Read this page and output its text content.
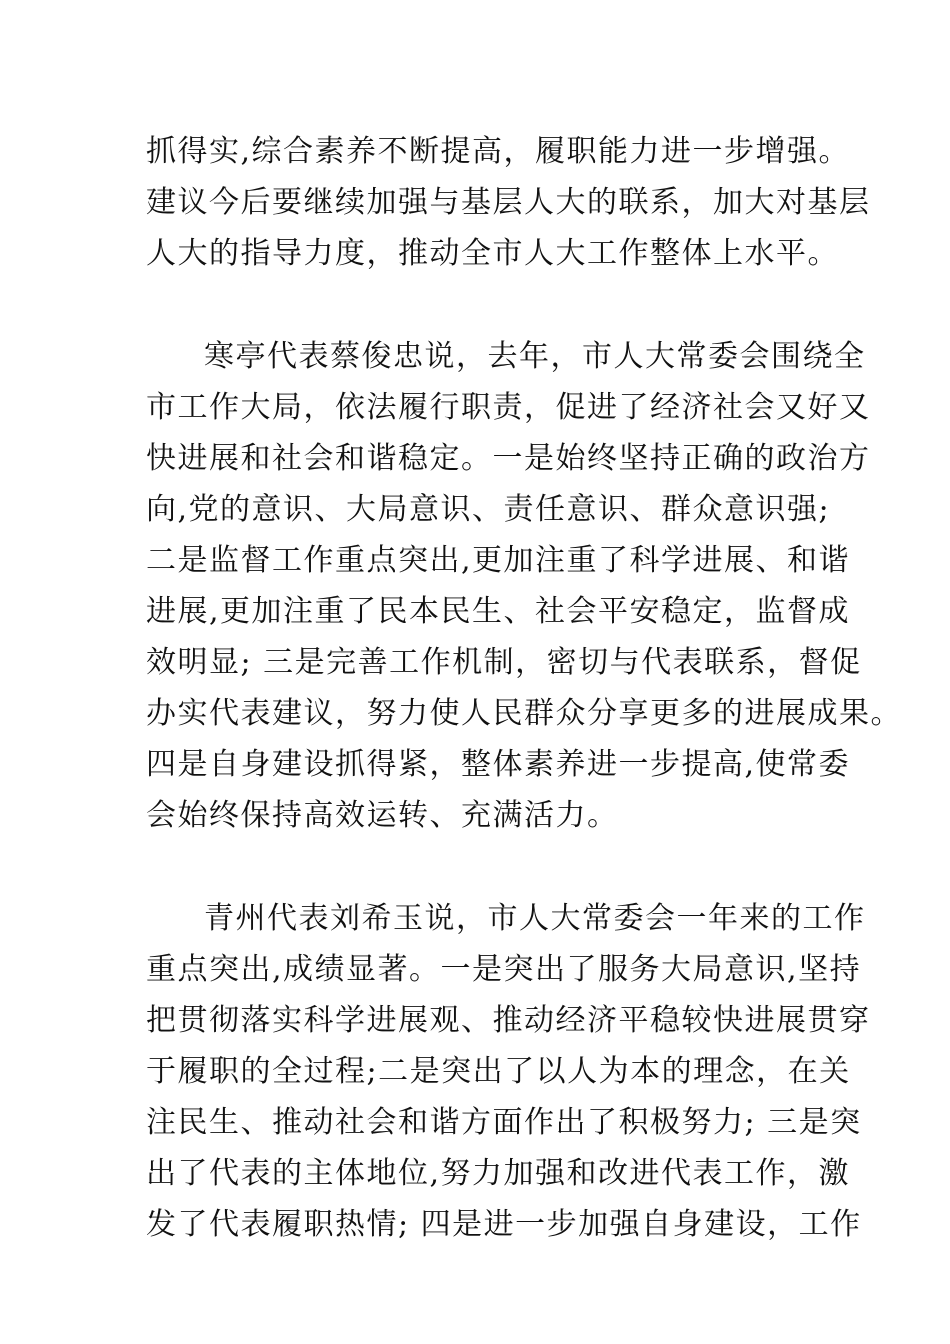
抓得实,综合素养不断提高，履职能力进一步增强。
建议今后要继续加强与基层人大的联系，加大对基层
人大的指导力度，推动全市人大工作整体上水平。
寒亭代表蔡俊忠说，去年，市人大常委会围绕全
市工作大局，依法履行职责，促进了经济社会又好又
快进展和社会和谐稳定。一是始终坚持正确的政治方
向,党的意识、大局意识、责任意识、群众意识强;
二是监督工作重点突出,更加注重了科学进展、和谐
进展,更加注重了民本民生、社会平安稳定，监督成
效明显; 三是完善工作机制，密切与代表联系，督促
办实代表建议，努力使人民群众分享更多的进展成果。
四是自身建设抓得紧，整体素养进一步提高,使常委
会始终保持高效运转、充满活力。
青州代表刘希玉说，市人大常委会一年来的工作
重点突出,成绩显著。一是突出了服务大局意识,坚持
把贯彻落实科学进展观、推动经济平稳较快进展贯穿
于履职的全过程;二是突出了以人为本的理念，在关
注民生、推动社会和谐方面作出了积极努力; 三是突
出了代表的主体地位,努力加强和改进代表工作，激
发了代表履职热情; 四是进一步加强自身建设，工作
